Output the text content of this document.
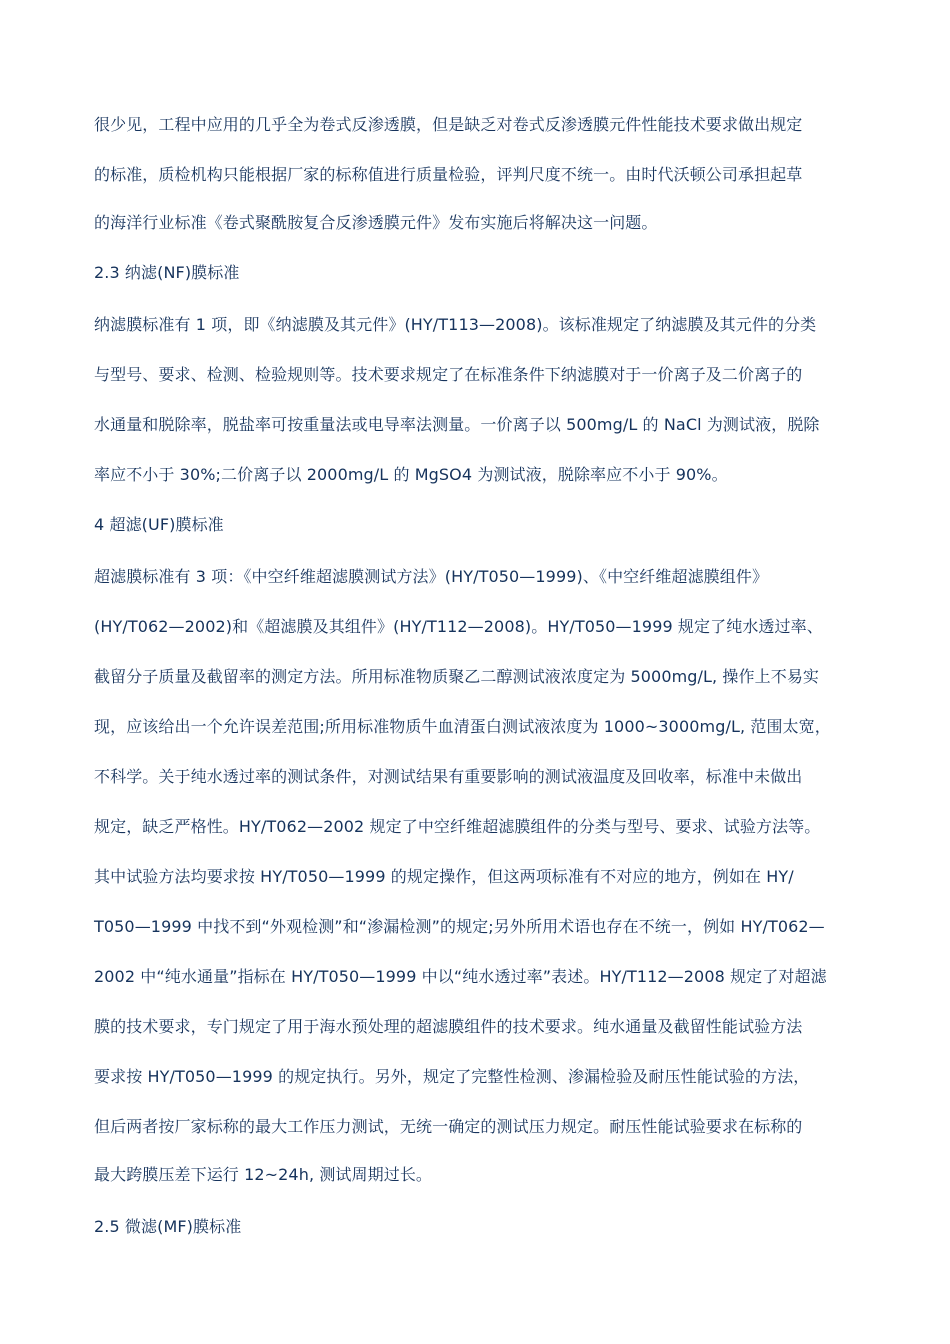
很少见，工程中应用的几乎全为卷式反渗透膜，但是缺乏对卷式反渗透膜元件性能技术要求做出规定
的标准，质检机构只能根据厂家的标称值进行质量检验，评判尺度不统一。由时代沃顿公司承担起草
的海洋行业标准《卷式聚酰胺复合反渗透膜元件》发布实施后将解决这一问题。
2.3 纳滤(NF)膜标准
纳滤膜标准有 1 项，即《纳滤膜及其元件》(HY/T113—2008)。该标准规定了纳滤膜及其元件的分类
与型号、要求、检测、检验规则等。技术要求规定了在标准条件下纳滤膜对于一价离子及二价离子的
水通量和脱除率，脱盐率可按重量法或电导率法测量。一价离子以 500mg/L 的 NaCl 为测试液，脱除
率应不小于 30%;二价离子以 2000mg/L 的 MgSO4 为测试液，脱除率应不小于 90%。
4 超滤(UF)膜标准
超滤膜标准有 3 项：《中空纤维超滤膜测试方法》(HY/T050—1999)、《中空纤维超滤膜组件》
(HY/T062—2002)和《超滤膜及其组件》(HY/T112—2008)。HY/T050—1999 规定了纯水透过率、
截留分子质量及截留率的测定方法。所用标准物质聚乙二醇测试液浓度定为 5000mg/L, 操作上不易实
现，应该给出一个允许误差范围;所用标准物质牛血清蛋白测试液浓度为 1000~3000mg/L, 范围太宽，
不科学。关于纯水透过率的测试条件，对测试结果有重要影响的测试液温度及回收率，标准中未做出
规定，缺乏严格性。HY/T062—2002 规定了中空纤维超滤膜组件的分类与型号、要求、试验方法等。
其中试验方法均要求按 HY/T050—1999 的规定操作，但这两项标准有不对应的地方，例如在 HY/
T050—1999 中找不到“外观检测”和“渗漏检测”的规定;另外所用术语也存在不统一，例如 HY/T062—
2002 中“纯水通量”指标在 HY/T050—1999 中以“纯水透过率”表述。HY/T112—2008 规定了对超滤
膜的技术要求，专门规定了用于海水预处理的超滤膜组件的技术要求。纯水通量及截留性能试验方法
要求按 HY/T050—1999 的规定执行。另外，规定了完整性检测、渗漏检验及耐压性能试验的方法，
但后两者按厂家标称的最大工作压力测试，无统一确定的测试压力规定。耐压性能试验要求在标称的
最大跨膜压差下运行 12~24h, 测试周期过长。
2.5 微滤(MF)膜标准
